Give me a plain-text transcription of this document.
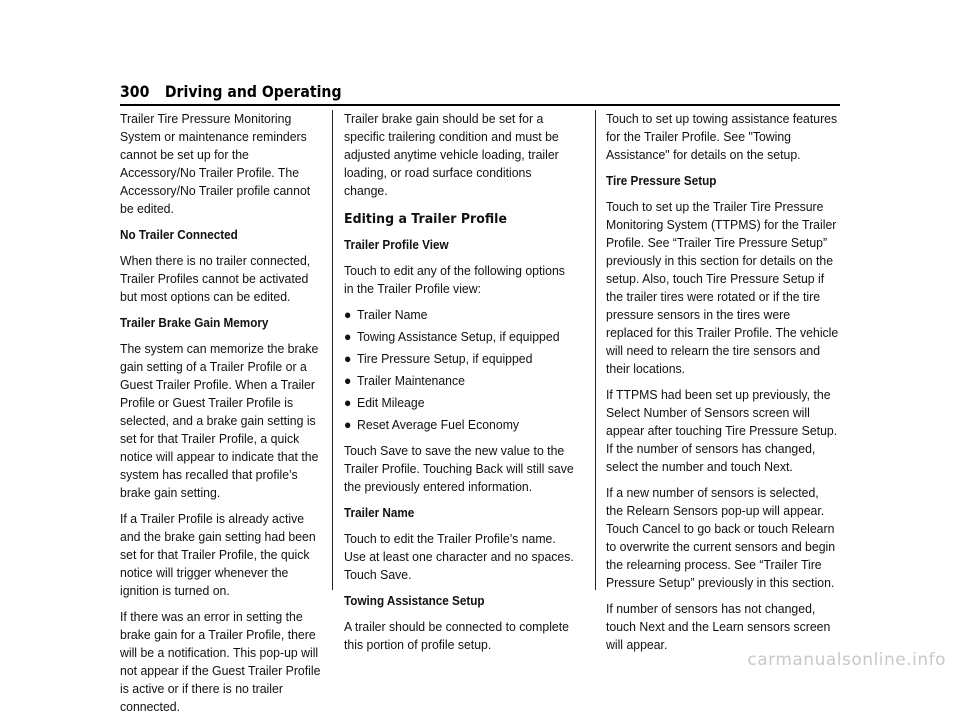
300 Driving and Operating

Trailer Tire Pressure Monitoring System or maintenance reminders cannot be set up for the Accessory/No Trailer Profile. The Accessory/No Trailer profile cannot be edited.

No Trailer Connected

When there is no trailer connected, Trailer Profiles cannot be activated but most options can be edited.

Trailer Brake Gain Memory

The system can memorize the brake gain setting of a Trailer Profile or a Guest Trailer Profile. When a Trailer Profile or Guest Trailer Profile is selected, and a brake gain setting is set for that Trailer Profile, a quick notice will appear to indicate that the system has recalled that profile’s brake gain setting.

If a Trailer Profile is already active and the brake gain setting had been set for that Trailer Profile, the quick notice will trigger whenever the ignition is turned on.

If there was an error in setting the brake gain for a Trailer Profile, there will be a notification. This pop-up will not appear if the Guest Trailer Profile is active or if there is no trailer connected.

Trailer brake gain should be set for a specific trailering condition and must be adjusted anytime vehicle loading, trailer loading, or road surface conditions change.

Editing a Trailer Profile
Trailer Profile View

Touch to edit any of the following options in the Trailer Profile view:

● Trailer Name
● Towing Assistance Setup, if equipped
● Tire Pressure Setup, if equipped
● Trailer Maintenance
● Edit Mileage
● Reset Average Fuel Economy

Touch Save to save the new value to the Trailer Profile. Touching Back will still save the previously entered information.

Trailer Name

Touch to edit the Trailer Profile’s name. Use at least one character and no spaces. Touch Save.

Towing Assistance Setup

A trailer should be connected to complete this portion of profile setup.

Touch to set up towing assistance features for the Trailer Profile. See "Towing Assistance" for details on the setup.

Tire Pressure Setup

Touch to set up the Trailer Tire Pressure Monitoring System (TTPMS) for the Trailer Profile. See “Trailer Tire Pressure Setup” previously in this section for details on the setup. Also, touch Tire Pressure Setup if the trailer tires were rotated or if the tire pressure sensors in the tires were replaced for this Trailer Profile. The vehicle will need to relearn the tire sensors and their locations.

If TTPMS had been set up previously, the Select Number of Sensors screen will appear after touching Tire Pressure Setup. If the number of sensors has changed, select the number and touch Next.

If a new number of sensors is selected, the Relearn Sensors pop-up will appear. Touch Cancel to go back or touch Relearn to overwrite the current sensors and begin the relearning process. See “Trailer Tire Pressure Setup” previously in this section.

If number of sensors has not changed, touch Next and the Learn sensors screen will appear.

carmanualsonline.info
